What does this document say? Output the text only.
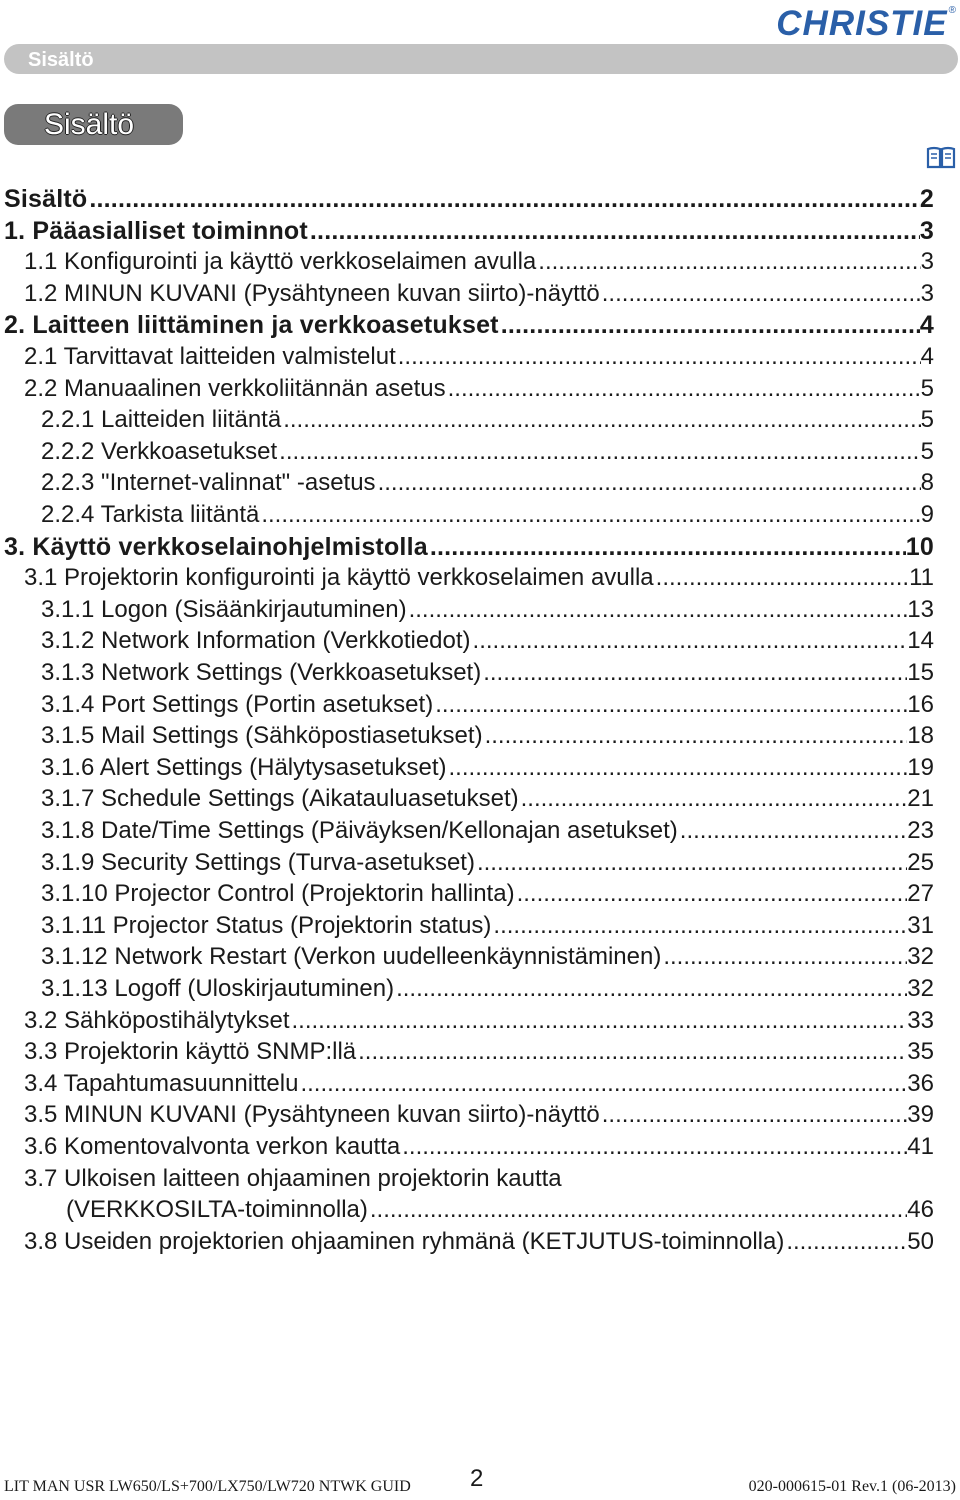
CHRISTIE ®
Sisältö
Sisältö
Sisältö .....	2
1. Pääasialliset toiminnot .....	3
1.1 Konfigurointi ja käyttö verkkoselaimen avulla .....	3
1.2 MINUN KUVANI (Pysähtyneen kuvan siirto)-näyttö .....	3
2. Laitteen liittäminen ja verkkoasetukset .....	4
2.1 Tarvittavat laitteiden valmistelut .....	4
2.2 Manuaalinen verkkoliitännän asetus .....	5
2.2.1 Laitteiden liitäntä .....	5
2.2.2 Verkkoasetukset .....	5
2.2.3 "Internet-valinnat" -asetus .....	8
2.2.4 Tarkista liitäntä .....	9
3. Käyttö verkkoselainohjelmistolla .....	10
3.1 Projektorin konfigurointi ja käyttö verkkoselaimen avulla .....	11
3.1.1 Logon (Sisäänkirjautuminen) .....	13
3.1.2 Network Information (Verkkotiedot) .....	14
3.1.3 Network Settings (Verkkoasetukset) .....	15
3.1.4 Port Settings (Portin asetukset) .....	16
3.1.5 Mail Settings (Sähköpostiasetukset) .....	18
3.1.6 Alert Settings (Hälytysasetukset) .....	19
3.1.7 Schedule Settings (Aikatauluasetukset) .....	21
3.1.8 Date/Time Settings (Päiväyksen/Kellonajan asetukset) .....	23
3.1.9 Security Settings (Turva-asetukset) .....	25
3.1.10 Projector Control (Projektorin hallinta) .....	27
3.1.11 Projector Status (Projektorin status) .....	31
3.1.12 Network Restart (Verkon uudelleenkäynnistäminen) .....	32
3.1.13 Logoff (Uloskirjautuminen) .....	32
3.2 Sähköpostihälytykset .....	33
3.3 Projektorin käyttö SNMP:llä .....	35
3.4 Tapahtumasuunnittelu .....	36
3.5 MINUN KUVANI (Pysähtyneen kuvan siirto)-näyttö .....	39
3.6 Komentovalvonta verkon kautta .....	41
3.7 Ulkoisen laitteen ohjaaminen projektorin kautta
(VERKKOSILTA-toiminnolla) .....	46
3.8 Useiden projektorien ohjaaminen ryhmänä (KETJUTUS-toiminnolla) .....	50
LIT MAN USR LW650/LS+700/LX750/LW720 NTWK GUID 2	020-000615-01 Rev.1 (06-2013)
